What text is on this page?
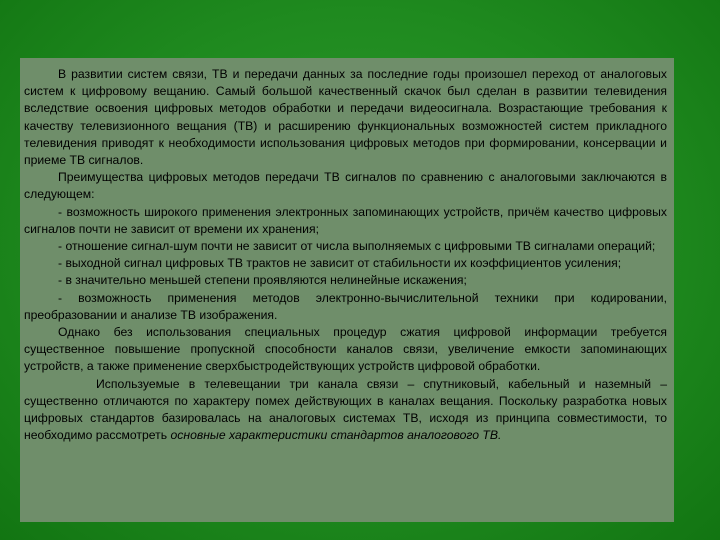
В развитии систем связи, ТВ и передачи данных за последние годы произошел переход от аналоговых систем к цифровому вещанию. Самый большой качественный скачок был сделан в развитии телевидения вследствие освоения цифровых методов обработки и передачи видеосигнала. Возрастающие требования к качеству телевизионного вещания (ТВ) и расширению функциональных возможностей систем прикладного телевидения приводят к необходимости использования цифровых методов при формировании, консервации и приеме ТВ сигналов.

Преимущества цифровых методов передачи ТВ сигналов по сравнению с аналоговыми заключаются в следующем:

- возможность широкого применения электронных запоминающих устройств, причём качество цифровых сигналов почти не зависит от времени их хранения;

- отношение сигнал-шум почти не зависит от числа выполняемых с цифровыми ТВ сигналами операций;

- выходной сигнал цифровых ТВ трактов не зависит от стабильности их коэффициентов усиления;

- в значительно меньшей степени проявляются нелинейные искажения;

- возможность применения методов электронно-вычислительной техники при кодировании, преобразовании и анализе ТВ изображения.

Однако без использования специальных процедур сжатия цифровой информации требуется существенное повышение пропускной способности каналов связи, увеличение емкости запоминающих устройств, а также применение сверхбыстродействующих устройств цифровой обработки.

Используемые в телевещании три канала связи – спутниковый, кабельный и наземный – существенно отличаются по характеру помех действующих в каналах вещания. Поскольку разработка новых цифровых стандартов базировалась на аналоговых системах ТВ, исходя из принципа совместимости, то необходимо рассмотреть основные характеристики стандартов аналогового ТВ.
